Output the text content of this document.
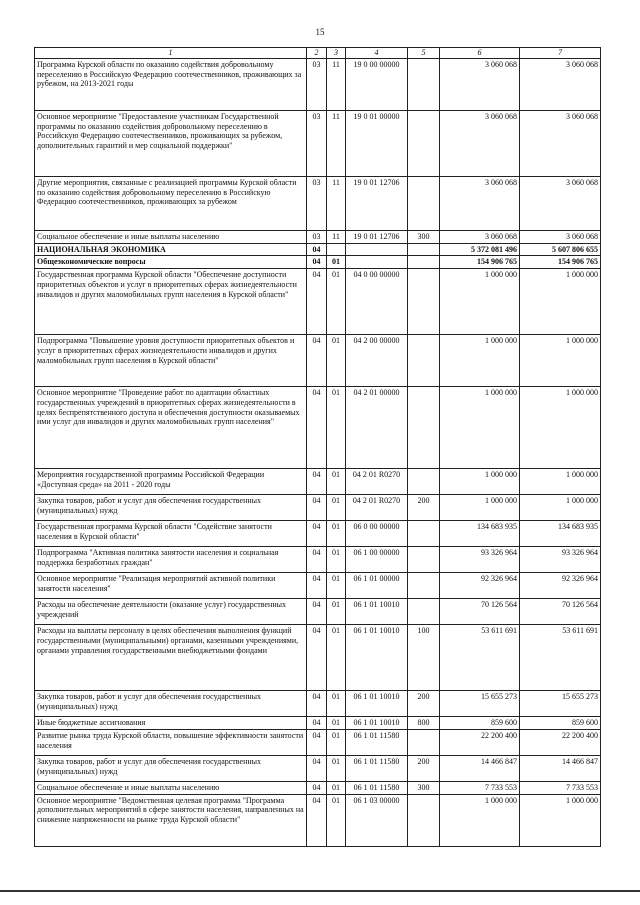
15
1	2	3	4	5	6	7
Программа Курской области по оказанию содействия добровольному переселению в Российскую Федерацию соотечественников, проживающих за рубежом, на 2013-2021 годы	03	11	19 0 00 00000		3 060 068	3 060 068
Основное мероприятие "Предоставление участникам Государственной программы по оказанию содействия добровольному переселению в Российскую Федерацию соотечественников, проживающих за рубежом, дополнительных гарантий и мер социальной поддержки"	03	11	19 0 01 00000		3 060 068	3 060 068
Другие мероприятия, связанные с реализацией программы Курской области по оказанию содействия добровольному переселению в Российскую Федерацию соотечественников, проживающих за рубежом	03	11	19 0 01 12706		3 060 068	3 060 068
Социальное обеспечение и иные выплаты населению	03	11	19 0 01 12706	300	3 060 068	3 060 068
НАЦИОНАЛЬНАЯ ЭКОНОМИКА	04				5 372 081 496	5 607 806 655
Общеэкономические вопросы	04	01			154 906 765	154 906 765
Государственная программа Курской области "Обеспечение доступности приоритетных объектов и услуг в приоритетных сферах жизнедеятельности инвалидов и других маломобильных групп населения в Курской области"	04	01	04 0 00 00000		1 000 000	1 000 000
Подпрограмма "Повышение уровня доступности приоритетных объектов и услуг в приоритетных сферах жизнедеятельности инвалидов и других маломобильных групп населения в Курской области"	04	01	04 2 00 00000		1 000 000	1 000 000
Основное мероприятие "Проведение работ по адаптации областных государственных учреждений в приоритетных сферах жизнедеятельности в целях беспрепятственного доступа и обеспечения доступности оказываемых ими услуг для инвалидов и других маломобильных групп населения"	04	01	04 2 01 00000		1 000 000	1 000 000
Мероприятия государственной программы Российской Федерации «Доступная среда» на 2011 - 2020 годы	04	01	04 2 01 R0270		1 000 000	1 000 000
Закупка товаров, работ и услуг для обеспечения государственных (муниципальных) нужд	04	01	04 2 01 R0270	200	1 000 000	1 000 000
Государственная программа Курской области "Содействие занятости населения в Курской области"	04	01	06 0 00 00000		134 683 935	134 683 935
Подпрограмма "Активная политика занятости населения и социальная поддержка безработных граждан"	04	01	06 1 00 00000		93 326 964	93 326 964
Основное мероприятие "Реализация мероприятий активной политики занятости населения"	04	01	06 1 01 00000		92 326 964	92 326 964
Расходы на обеспечение деятельности (оказание услуг) государственных учреждений	04	01	06 1 01 10010		70 126 564	70 126 564
Расходы на выплаты персоналу в целях обеспечения выполнения функций государственными (муниципальными) органами, казенными учреждениями, органами управления государственными внебюджетными фондами	04	01	06 1 01 10010	100	53 611 691	53 611 691
Закупка товаров, работ и услуг для обеспечения государственных (муниципальных) нужд	04	01	06 1 01 10010	200	15 655 273	15 655 273
Иные бюджетные ассигнования	04	01	06 1 01 10010	800	859 600	859 600
Развитие рынка труда Курской области, повышение эффективности занятости населения	04	01	06 1 01 11580		22 200 400	22 200 400
Закупка товаров, работ и услуг для обеспечения государственных (муниципальных) нужд	04	01	06 1 01 11580	200	14 466 847	14 466 847
Социальное обеспечение и иные выплаты населению	04	01	06 1 01 11580	300	7 733 553	7 733 553
Основное мероприятие "Ведомственная целевая программа "Программа дополнительных мероприятий в сфере занятости населения, направленных на снижение напряженности на рынке труда Курской области"	04	01	06 1 03 00000		1 000 000	1 000 000
